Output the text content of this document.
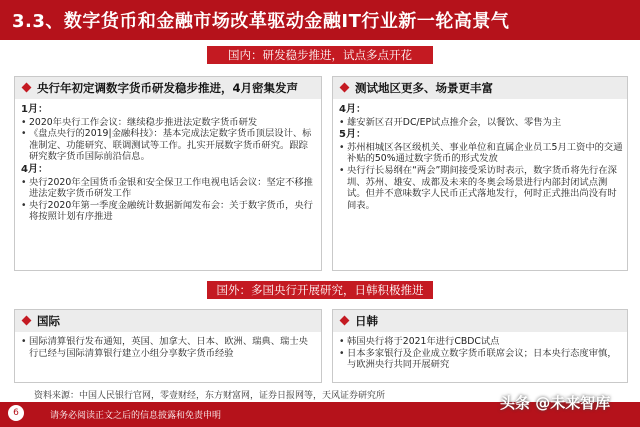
3.3、数字货币和金融市场改革驱动金融IT行业新一轮高景气
国内：研发稳步推进，试点多点开花
央行年初定调数字货币研发稳步推进，4月密集发声
1月：
• 2020年央行工作会议：继续稳步推进法定数字货币研发
• 《盘点央行的2019|金融科技》：基本完成法定数字货币顶层设计、标准制定、功能研究、联调测试等工作。扎实开展数字货币研究。跟踪研究数字货币国际前沿信息。
4月：
• 央行2020年全国货币金银和安全保卫工作电视电话会议：坚定不移推进法定数字货币研发工作
• 央行2020年第一季度金融统计数据新闻发布会：关于数字货币，央行将按照计划有序推进
测试地区更多、场景更丰富
4月：
• 雄安新区召开DC/EP试点推介会，以餐饮、零售为主
5月：
• 苏州相城区各区级机关、事业单位和直属企业员工5月工资中的交通补贴的50%通过数字货币的形式发放
• 央行行长易纲在“两会”期间接受采访时表示，数字货币将先行在深圳、苏州、雄安、成都及未来的冬奥会场景进行内部封闭试点测试。但并不意味数字人民币正式落地发行，何时正式推出尚没有时间表。
国外：多国央行开展研究，日韩积极推进
国际
• 国际清算银行发布通知，英国、加拿大、日本、欧洲、瑞典、瑞士央行已经与国际清算银行建立小组分享数字货币经验
日韩
• 韩国央行将于2021年进行CBDC试点
• 日本多家银行及企业成立数字货币联席会议；日本央行态度审慎，与欧洲央行共同开展研究
资料来源：中国人民银行官网，零壹财经，东方财富网，证券日报网等，天风证券研究所
6	请务必阅读正文之后的信息披露和免责申明
头条 @未来智库
